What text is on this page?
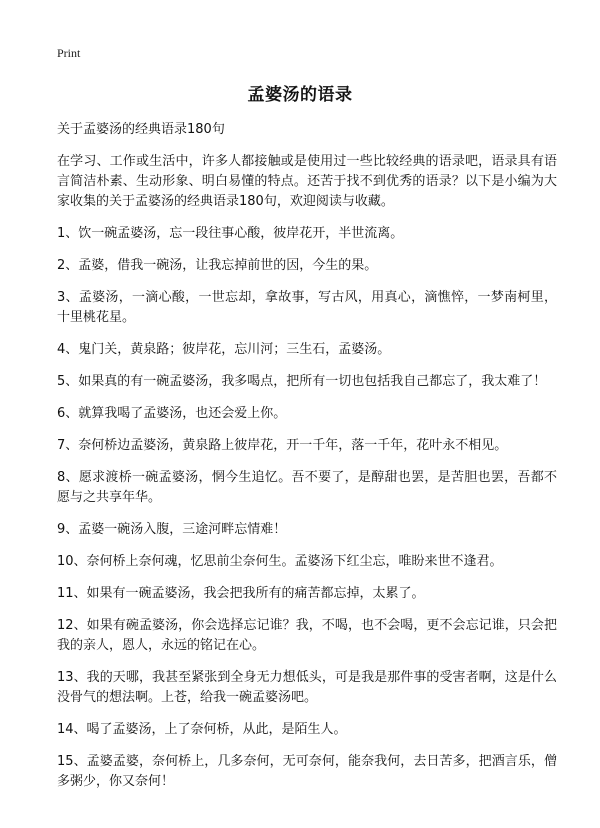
Print
孟婆汤的语录
关于孟婆汤的经典语录180句
在学习、工作或生活中，许多人都接触或是使用过一些比较经典的语录吧，语录具有语言简洁朴素、生动形象、明白易懂的特点。还苦于找不到优秀的语录？以下是小编为大家收集的关于孟婆汤的经典语录180句，欢迎阅读与收藏。
1、饮一碗孟婆汤，忘一段往事心酸，彼岸花开，半世流离。
2、孟婆，借我一碗汤，让我忘掉前世的因，今生的果。
3、孟婆汤，一滴心酸，一世忘却，拿故事，写古风，用真心，滴憔悴，一梦南柯里，十里桃花星。
4、鬼门关，黄泉路；彼岸花，忘川河；三生石，孟婆汤。
5、如果真的有一碗孟婆汤，我多喝点，把所有一切也包括我自己都忘了，我太难了！
6、就算我喝了孟婆汤，也还会爱上你。
7、奈何桥边孟婆汤，黄泉路上彼岸花，开一千年，落一千年，花叶永不相见。
8、愿求渡桥一碗孟婆汤，惘今生追忆。吾不要了，是醇甜也罢，是苦胆也罢，吾都不愿与之共享年华。
9、孟婆一碗汤入腹，三途河畔忘情难！
10、奈何桥上奈何魂，忆思前尘奈何生。孟婆汤下红尘忘，唯盼来世不逢君。
11、如果有一碗孟婆汤，我会把我所有的痛苦都忘掉，太累了。
12、如果有碗孟婆汤，你会选择忘记谁？我，不喝，也不会喝，更不会忘记谁，只会把我的亲人，恩人，永远的铭记在心。
13、我的天哪，我甚至紧张到全身无力想低头，可是我是那件事的受害者啊，这是什么没骨气的想法啊。上苍，给我一碗孟婆汤吧。
14、喝了孟婆汤，上了奈何桥，从此，是陌生人。
15、孟婆孟婆，奈何桥上，几多奈何，无可奈何，能奈我何，去日苦多，把酒言乐，僧多粥少，你又奈何！
